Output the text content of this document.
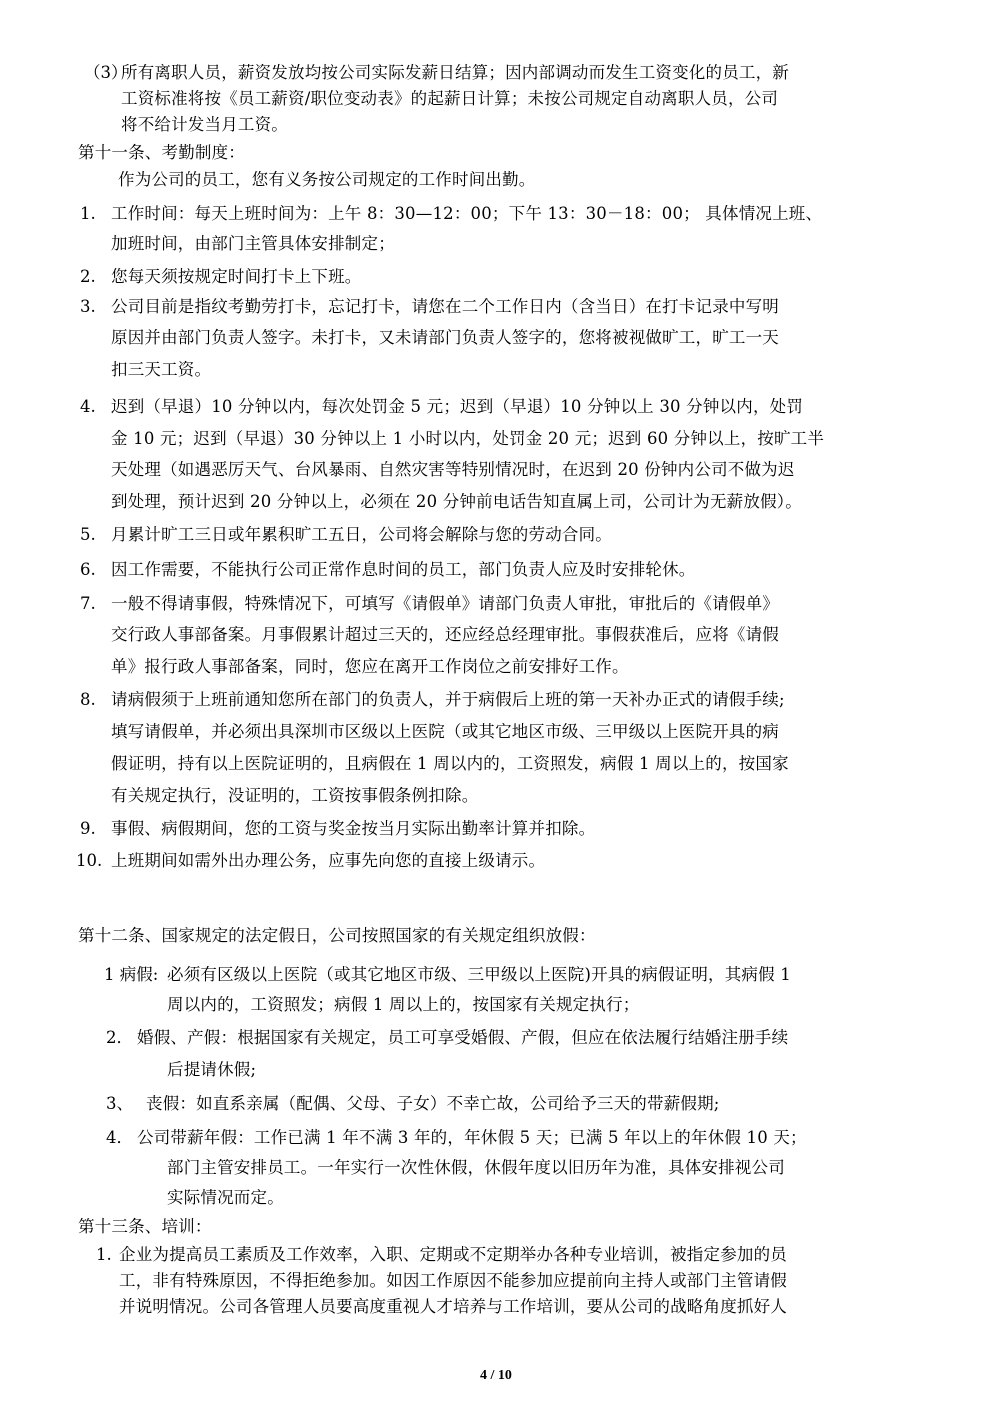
（3）
所有离职人员，薪资发放均按公司实际发薪日结算；因内部调动而发生工资变化的员工，新
工资标准将按《员工薪资/职位变动表》的起薪日计算；未按公司规定自动离职人员，公司
将不给计发当月工资。
第十一条、考勤制度：
作为公司的员工，您有义务按公司规定的工作时间出勤。
1. 工作时间：每天上班时间为：上午 8：30—12：00；下午 13：30－18：00； 具体情况上班、
加班时间，由部门主管具体安排制定；
2. 您每天须按规定时间打卡上下班。
3. 公司目前是指纹考勤劳打卡，忘记打卡，请您在二个工作日内（含当日）在打卡记录中写明
原因并由部门负责人签字。未打卡，又未请部门负责人签字的，您将被视做旷工，旷工一天
扣三天工资。
4. 迟到（早退）10 分钟以内，每次处罚金 5 元；迟到（早退）10 分钟以上 30 分钟以内，处罚
金 10 元；迟到（早退）30 分钟以上 1 小时以内，处罚金 20 元；迟到 60 分钟以上，按旷工半
天处理（如遇恶厉天气、台风暴雨、自然灾害等特别情况时，在迟到 20 份钟内公司不做为迟
到处理，预计迟到 20 分钟以上，必须在 20 分钟前电话告知直属上司，公司计为无薪放假）。
5. 月累计旷工三日或年累积旷工五日，公司将会解除与您的劳动合同。
6. 因工作需要，不能执行公司正常作息时间的员工，部门负责人应及时安排轮休。
7. 一般不得请事假，特殊情况下，可填写《请假单》请部门负责人审批，审批后的《请假单》
交行政人事部备案。月事假累计超过三天的，还应经总经理审批。事假获准后，应将《请假
单》报行政人事部备案，同时，您应在离开工作岗位之前安排好工作。
8. 请病假须于上班前通知您所在部门的负责人，并于病假后上班的第一天补办正式的请假手续;
填写请假单，并必须出具深圳市区级以上医院（或其它地区市级、三甲级以上医院开具的病
假证明，持有以上医院证明的，且病假在 1 周以内的，工资照发，病假 1 周以上的，按国家
有关规定执行，没证明的，工资按事假条例扣除。
9. 事假、病假期间，您的工资与奖金按当月实际出勤率计算并扣除。
10. 上班期间如需外出办理公务，应事先向您的直接上级请示。
第十二条、国家规定的法定假日，公司按照国家的有关规定组织放假：
1 病假: 必须有区级以上医院（或其它地区市级、三甲级以上医院)开具的病假证明，其病假 1
周以内的，工资照发；病假 1 周以上的，按国家有关规定执行；
2． 婚假、产假：根据国家有关规定，员工可享受婚假、产假，但应在依法履行结婚注册手续
后提请休假;
3、 丧假：如直系亲属（配偶、父母、子女）不幸亡故，公司给予三天的带薪假期;
4． 公司带薪年假：工作已满 1 年不满 3 年的，年休假 5 天；已满 5 年以上的年休假 10 天；
部门主管安排员工。一年实行一次性休假，休假年度以旧历年为准，具体安排视公司
实际情况而定。
第十三条、培训：
1. 企业为提高员工素质及工作效率，入职、定期或不定期举办各种专业培训，被指定参加的员
工，非有特殊原因，不得拒绝参加。如因工作原因不能参加应提前向主持人或部门主管请假
并说明情况。公司各管理人员要高度重视人才培养与工作培训，要从公司的战略角度抓好人
4 / 10
